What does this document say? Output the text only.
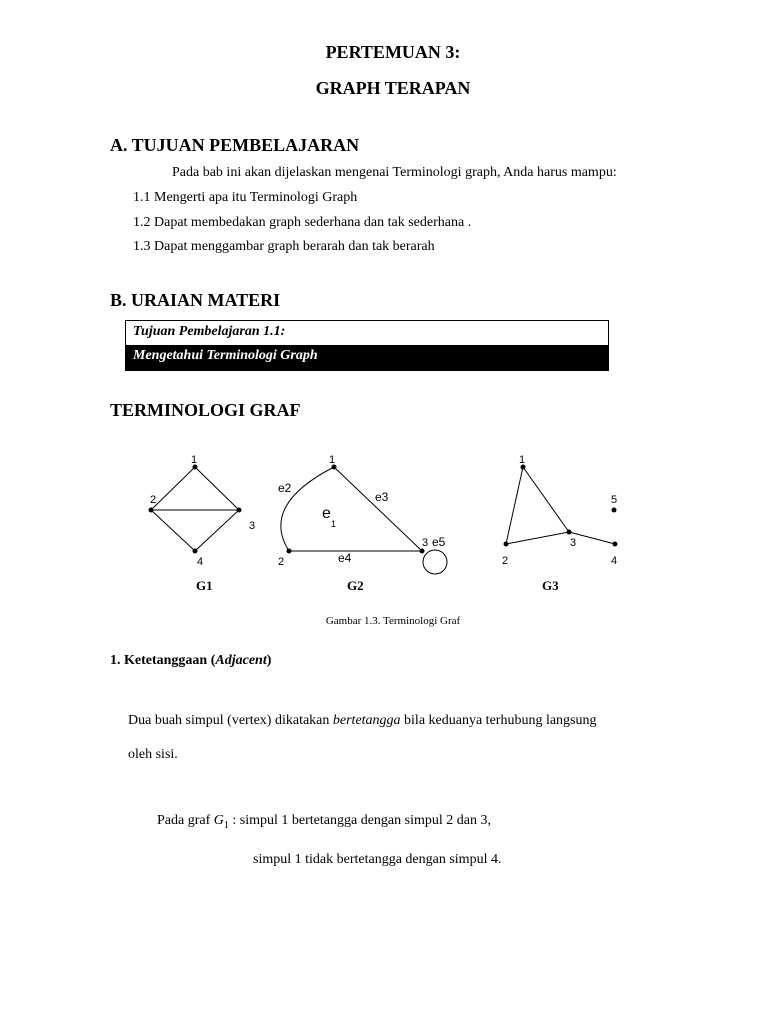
PERTEMUAN 3:
GRAPH TERAPAN
A. TUJUAN PEMBELAJARAN
Pada bab ini akan dijelaskan mengenai Terminologi graph, Anda harus mampu:
1.1 Mengerti apa itu Terminologi Graph
1.2 Dapat membedakan graph sederhana dan tak sederhana .
1.3 Dapat menggambar graph berarah dan tak berarah
B. URAIAN MATERI
Tujuan Pembelajaran 1.1:
Mengetahui Terminologi Graph
TERMINOLOGI GRAF
1
2
3
4
1
2
3
e2
e3
e
1
e4
e5
1
2
3
4
5
G1	G2	G3
Gambar 1.3. Terminologi Graf
1. Ketetanggaan (Adjacent)
Dua buah simpul (vertex) dikatakan bertetangga bila keduanya terhubung langsung
oleh sisi.
Pada graf $G_1$ : simpul 1 bertetangga dengan simpul 2 dan 3,
simpul 1 tidak bertetangga dengan simpul 4.
